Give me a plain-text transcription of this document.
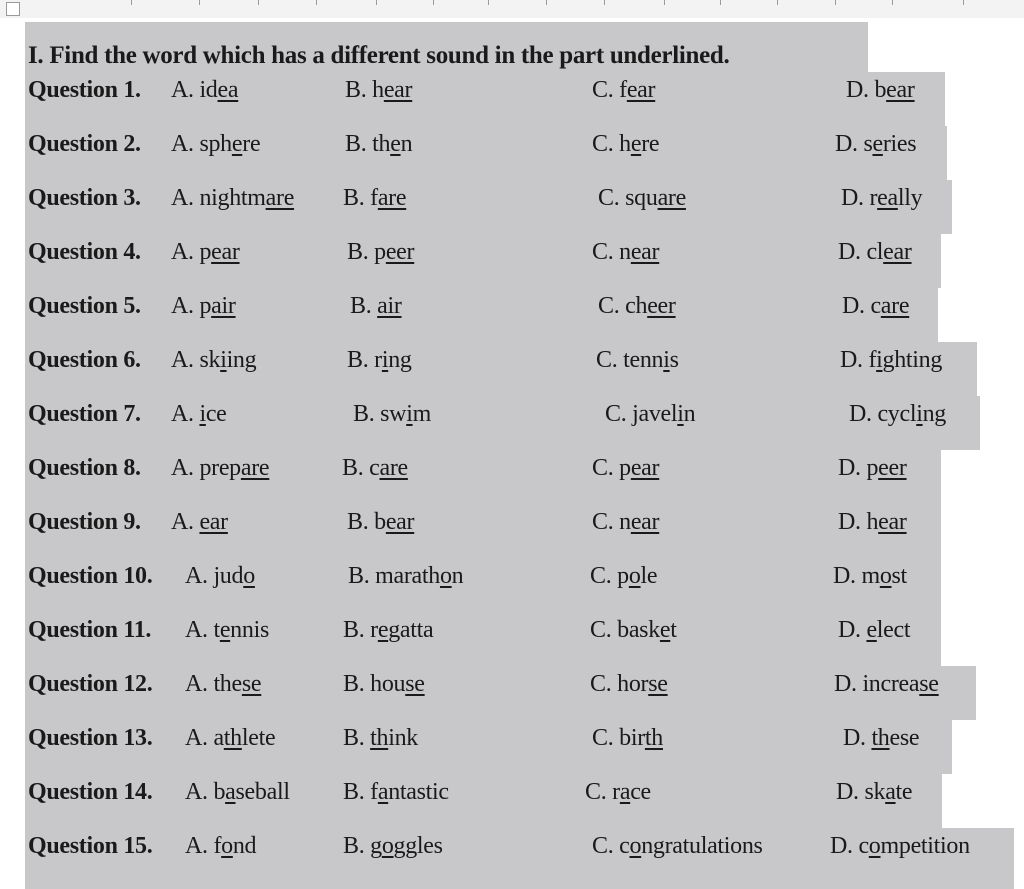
I. Find the word which has a different sound in the part underlined.
Question 1. A. idea	B. hear	C. fear	D. bear
Question 2. A. sphere	B. then	C. here	D. series
Question 3. A. nightmare B. fare	C. square	D. really
Question 4. A. pear	B. peer	C. near	D. clear
Question 5. A. pair	B. air	C. cheer	D. care
Question 6. A. skiing	B. ring	C. tennis	D. fighting
Question 7. A. ice	B. swim	C. javelin	D. cycling
Question 8. A. prepare	B. care	C. pear	D. peer
Question 9. A. ear	B. bear	C. near	D. hear
Question 10. A. judo	B. marathon	C. pole	D. most
Question 11. A. tennis	B. regatta	C. basket	D. elect
Question 12. A. these	B. house	C. horse	D. increase
Question 13. A. athlete	B. think	C. birth	D. these
Question 14. A. baseball B. fantastic	C. race	D. skate
Question 15. A. fond	B. goggles	C. congratulations	D. competition
